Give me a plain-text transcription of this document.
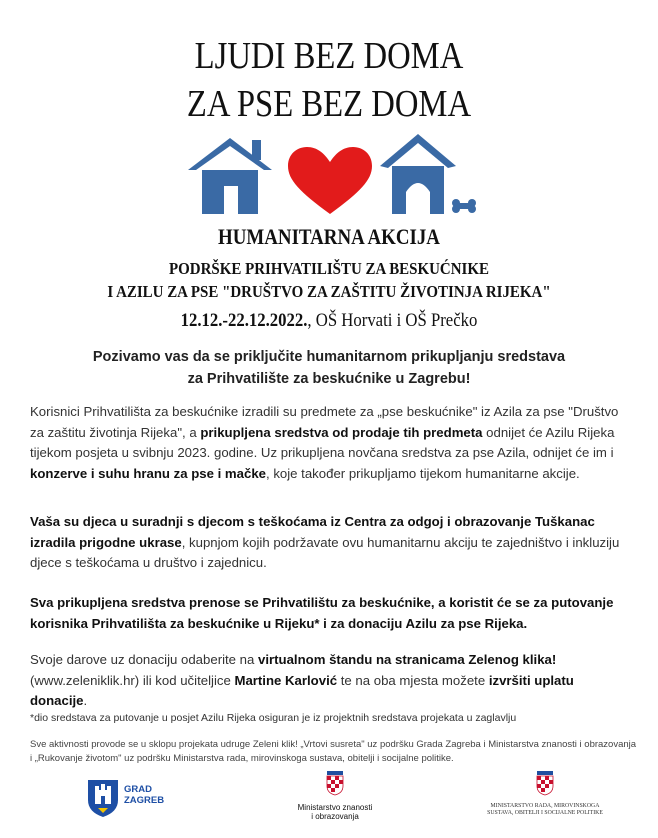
LJUDI BEZ DOMA
ZA PSE BEZ DOMA
HUMANITARNA AKCIJA
PODRŠKE PRIHVATILIŠTU ZA BESKUĆNIKE
I AZILU ZA PSE "DRUŠTVO ZA ZAŠTITU ŽIVOTINJA RIJEKA"
12.12.-22.12.2022., OŠ Horvati i OŠ Prečko
Pozivamo vas da se priključite humanitarnom prikupljanju sredstava
za Prihvatilište za beskućnike u Zagrebu!
Korisnici Prihvatilišta za beskućnike izradili su predmete za „pse beskućnike" iz Azila za pse "Društvo za zaštitu životinja Rijeka", a prikupljena sredstva od prodaje tih predmeta odnijet će Azilu Rijeka tijekom posjeta u svibnju 2023. godine. Uz prikupljena novčana sredstva za pse Azila, odnijet će im i konzerve i suhu hranu za pse i mačke, koje također prikupljamo tijekom humanitarne akcije.
Vaša su djeca u suradnji s djecom s teškoćama iz Centra za odgoj i obrazovanje Tuškanac izradila prigodne ukrase, kupnjom kojih podržavate ovu humanitarnu akciju te zajedništvo i inkluziju djece s teškoćama u društvo i zajednicu.
Sva prikupljena sredstva prenose se Prihvatilištu za beskućnike, a koristit će se za putovanje korisnika Prihvatilišta za beskućnike u Rijeku* i za donaciju Azilu za pse Rijeka.
Svoje darove uz donaciju odaberite na virtualnom štandu na stranicama Zelenog klika! (www.zeleniklik.hr) ili kod učiteljice Martine Karlović te na oba mjesta možete izvršiti uplatu donacije.
*dio sredstava za putovanje u posjet Azilu Rijeka osiguran je iz projektnih sredstava projekata u zaglavlju
Sve aktivnosti provode se u sklopu projekata udruge Zeleni klik! „Vrtovi susreta" uz podršku Grada Zagreba i Ministarstva znanosti i obrazovanja i „Rukovanje životom" uz podršku Ministarstva rada, mirovinskoga sustava, obitelji i socijalne politike.
GRAD
ZAGREB
Ministarstvo znanosti
i obrazovanja
MINISTARSTVO RADA, MIROVINSKOGA
SUSTAVA, OBITELJI I SOCIJALNE POLITIKE
